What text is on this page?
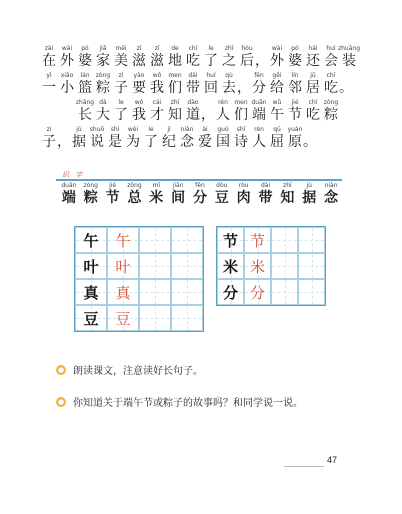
zài
在
wài
外
pó
婆
jiā
家
měi
美
zī
滋
zī
滋
de
地
chī
吃
le
了
zhī
之
hòu
后 ，
wài
外
pó
婆
hái
还
huì
会
zhuāng
装
yì
一
xiǎo
小
lán
篮
zòng
粽
zi
子
yào
要
wǒ
我
men
们
dài
带
huí
回
qù
去 ，
fēn
分
gěi
给
lín
邻
jū
居
chī
吃 。
zhǎng
长
dà
大
le
了
wǒ
我
cái
才
zhī
知
dào
道 ，
rén
人
men
们
duān
端
wǔ
午
jié
节
chī
吃
zòng
粽
zi
子 ，
jù
据
shuō
说
shì
是
wèi
为
le
了
jì
纪
niàn
念
ài
爱
guó
国
shī
诗
rén
人
qū
屈
yuán
原 。
识 字
duān
端
zòng
粽
jié
节
zǒng
总
mǐ
米
jiān
间
fēn
分
dòu
豆
ròu
肉
dài
带
zhī
知
jù
据
niàn
念
午 午
叶 叶
真 真
豆 豆
节 节
米 米
分 分
● 朗读课文，注意读好长句子。
● 你知道关于端午节或粽子的故事吗？和同学说一说。
47
